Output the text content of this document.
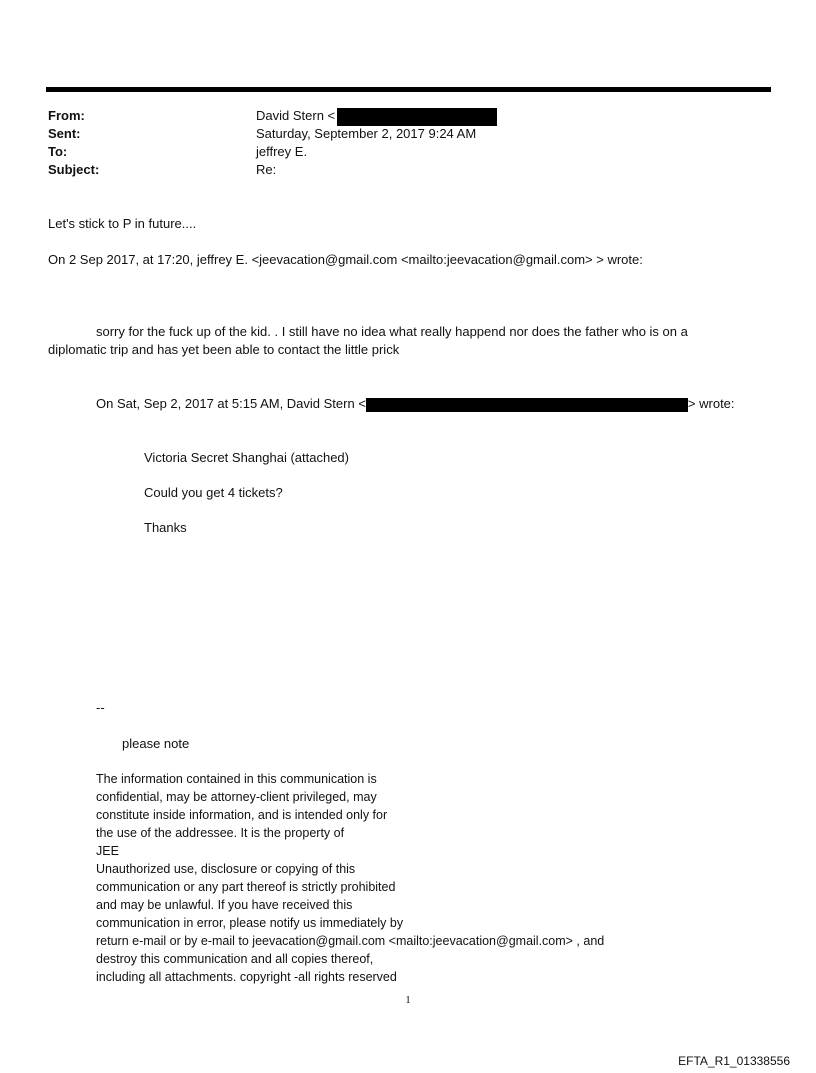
From:	David Stern <
Sent:	Saturday, September 2, 2017 9:24 AM
To:	jeffrey E.
Subject:	Re:
Let's stick to P in future....
On 2 Sep 2017, at 17:20, jeffrey E. <jeevacation@gmail.com <mailto:jeevacation@gmail.com> > wrote:
sorry for the fuck up of the kid. . I still have no idea what really happend nor does the father who is on a
diplomatic trip and has yet been able to contact the little prick
On Sat, Sep 2, 2017 at 5:15 AM, David Stern <	> wrote:
Victoria Secret Shanghai (attached)
Could you get 4 tickets?
Thanks
--
please note
The information contained in this communication is
confidential, may be attorney-client privileged, may
constitute inside information, and is intended only for
the use of the addressee. It is the property of
JEE
Unauthorized use, disclosure or copying of this
communication or any part thereof is strictly prohibited
and may be unlawful. If you have received this
communication in error, please notify us immediately by
return e-mail or by e-mail to jeevacation@gmail.com <mailto:jeevacation@gmail.com> , and
destroy this communication and all copies thereof,
including all attachments. copyright -all rights reserved
1
EFTA_R1_01338556
